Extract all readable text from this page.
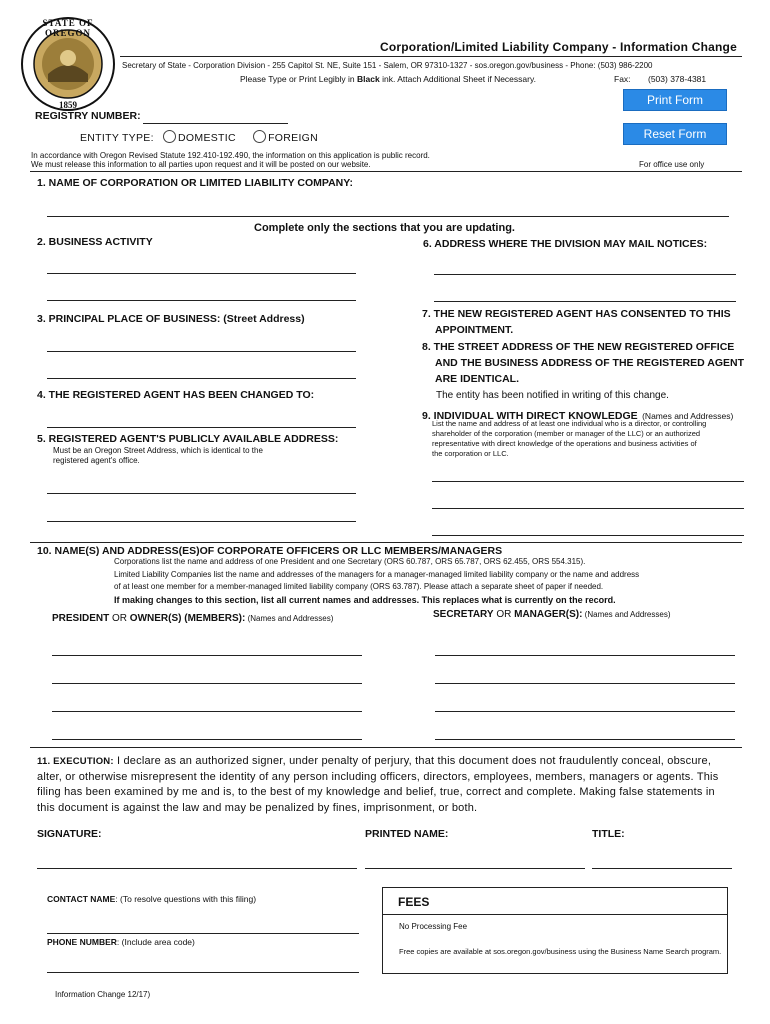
STATE OF OREGON
1859
Corporation/Limited Liability Company - Information Change
Secretary of State - Corporation Division - 255 Capitol St. NE, Suite 151 - Salem, OR 97310-1327 - sos.oregon.gov/business - Phone: (503) 986-2200
Please Type or Print Legibly in Black ink. Attach Additional Sheet if Necessary.	Fax: (503) 378-4381
Print Form
Reset Form
REGISTRY NUMBER:
ENTITY TYPE: DOMESTIC	FOREIGN
In accordance with Oregon Revised Statute 192.410-192.490, the information on this application is public record.
We must release this information to all parties upon request and it will be posted on our website.	For office use only
1. NAME OF CORPORATION OR LIMITED LIABILITY COMPANY:
Complete only the sections that you are updating.
2. BUSINESS ACTIVITY
3. PRINCIPAL PLACE OF BUSINESS: (Street Address)
4. THE REGISTERED AGENT HAS BEEN CHANGED TO:
5. REGISTERED AGENT'S PUBLICLY AVAILABLE ADDRESS:
Must be an Oregon Street Address, which is identical to the
registered agent's office.
6. ADDRESS WHERE THE DIVISION MAY MAIL NOTICES:
7. THE NEW REGISTERED AGENT HAS CONSENTED TO THIS
APPOINTMENT.
8. THE STREET ADDRESS OF THE NEW REGISTERED OFFICE
AND THE BUSINESS ADDRESS OF THE REGISTERED AGENT
ARE IDENTICAL.
The entity has been notified in writing of this change.
9. INDIVIDUAL WITH DIRECT KNOWLEDGE (Names and Addresses)
List the name and address of at least one individual who is a director, or controlling
shareholder of the corporation (member or manager of the LLC) or an authorized
representative with direct knowledge of the operations and business activities of
the corporation or LLC.
10. NAME(S) AND ADDRESS(ES)OF CORPORATE OFFICERS OR LLC MEMBERS/MANAGERS
Corporations list the name and address of one President and one Secretary (ORS 60.787, ORS 65.787, ORS 62.455, ORS 554.315).
Limited Liability Companies list the name and addresses of the managers for a manager-managed limited liability company or the name and address
of at least one member for a member-managed limited liability company (ORS 63.787). Please attach a separate sheet of paper if needed.
If making changes to this section, list all current names and addresses. This replaces what is currently on the record.
PRESIDENT OR OWNER(S) (MEMBERS): (Names and Addresses)	SECRETARY OR MANAGER(S): (Names and Addresses)
11. EXECUTION: I declare as an authorized signer, under penalty of perjury, that this document does not fraudulently conceal, obscure,
alter, or otherwise misrepresent the identity of any person including officers, directors, employees, members, managers or agents. This
filing has been examined by me and is, to the best of my knowledge and belief, true, correct and complete. Making false statements in
this document is against the law and may be penalized by fines, imprisonment, or both.
SIGNATURE:	PRINTED NAME:	TITLE:
CONTACT NAME: (To resolve questions with this filing)
PHONE NUMBER: (Include area code)
FEES
No Processing Fee
Free copies are available at sos.oregon.gov/business using the Business Name Search program.
Information Change 12/17)
